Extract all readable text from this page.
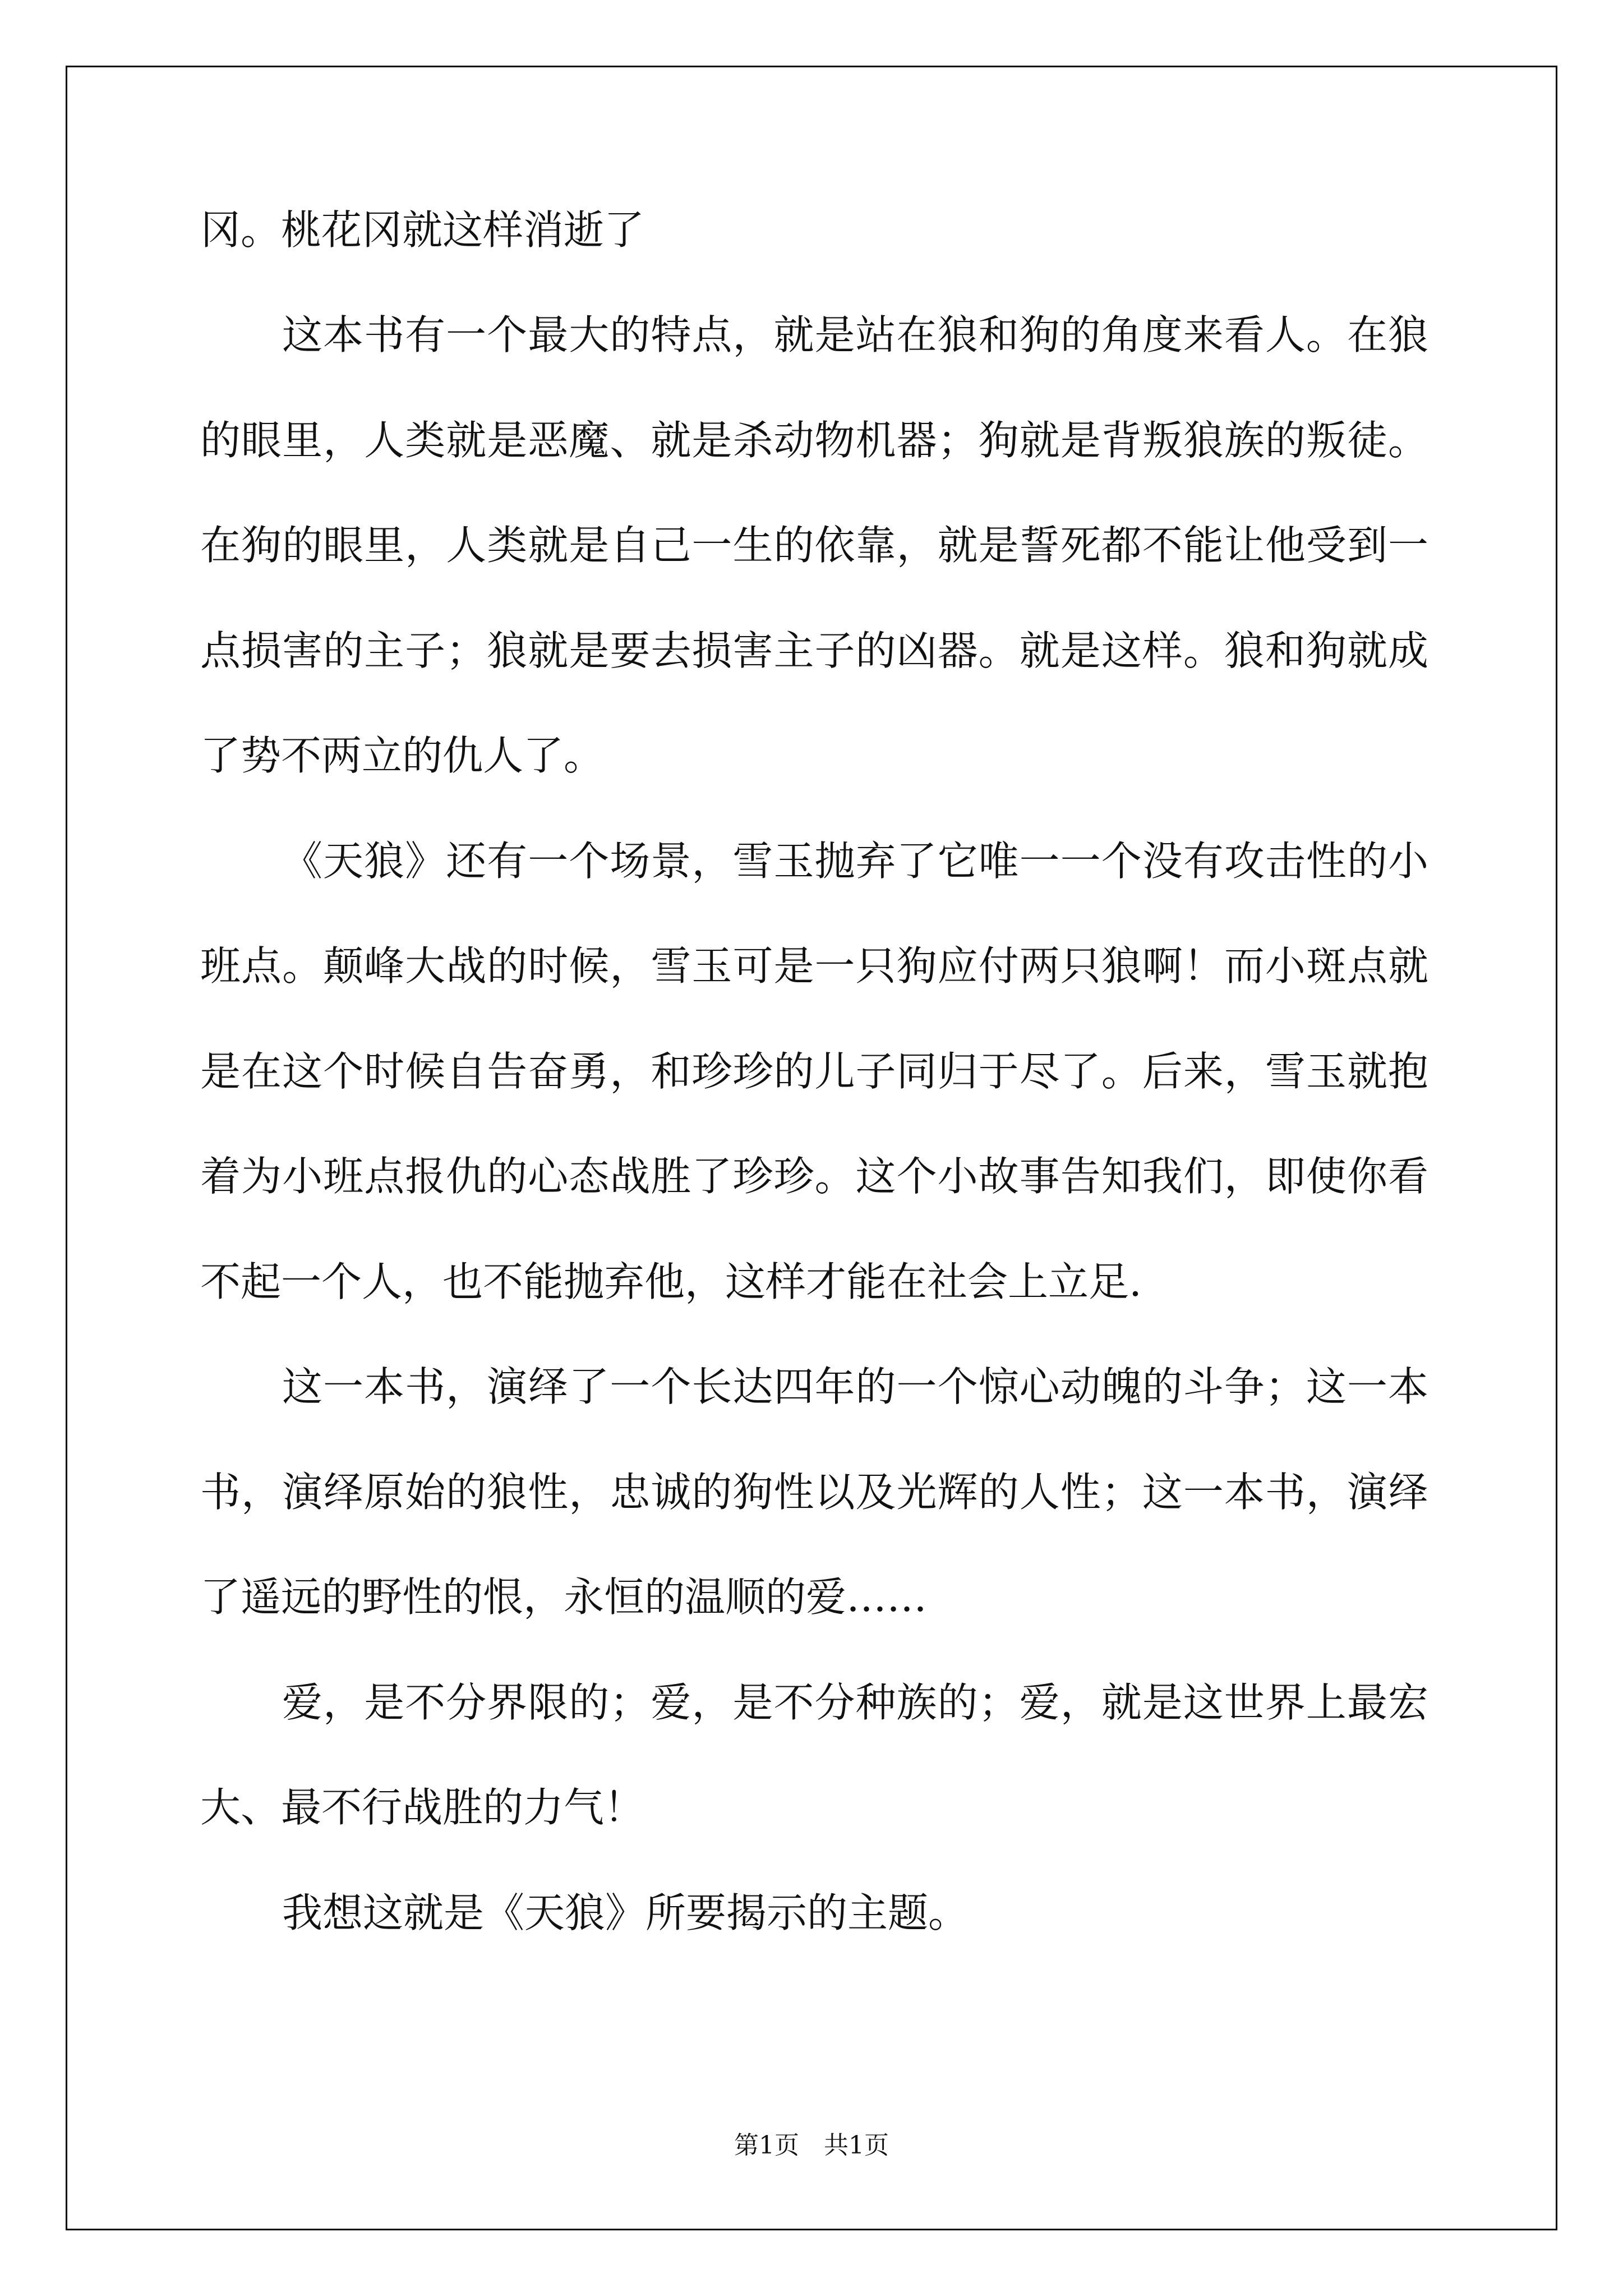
冈。桃花冈就这样消逝了
这本书有一个最大的特点，就是站在狼和狗的角度来看人。在狼
的眼里，人类就是恶魔、就是杀动物机器；狗就是背叛狼族的叛徒。
在狗的眼里，人类就是自己一生的依靠，就是誓死都不能让他受到一
点损害的主子；狼就是要去损害主子的凶器。就是这样。狼和狗就成
了势不两立的仇人了。
《天狼》还有一个场景，雪玉抛弃了它唯一一个没有攻击性的小
班点。颠峰大战的时候，雪玉可是一只狗应付两只狼啊！而小斑点就
是在这个时候自告奋勇，和珍珍的儿子同归于尽了。后来，雪玉就抱
着为小班点报仇的心态战胜了珍珍。这个小故事告知我们，即使你看
不起一个人，也不能抛弃他，这样才能在社会上立足.
这一本书，演绎了一个长达四年的一个惊心动魄的斗争；这一本
书，演绎原始的狼性，忠诚的狗性以及光辉的人性；这一本书，演绎
了遥远的野性的恨，永恒的温顺的爱……
爱，是不分界限的；爱，是不分种族的；爱，就是这世界上最宏
大、最不行战胜的力气！
我想这就是《天狼》所要揭示的主题。
第1页　共1页
